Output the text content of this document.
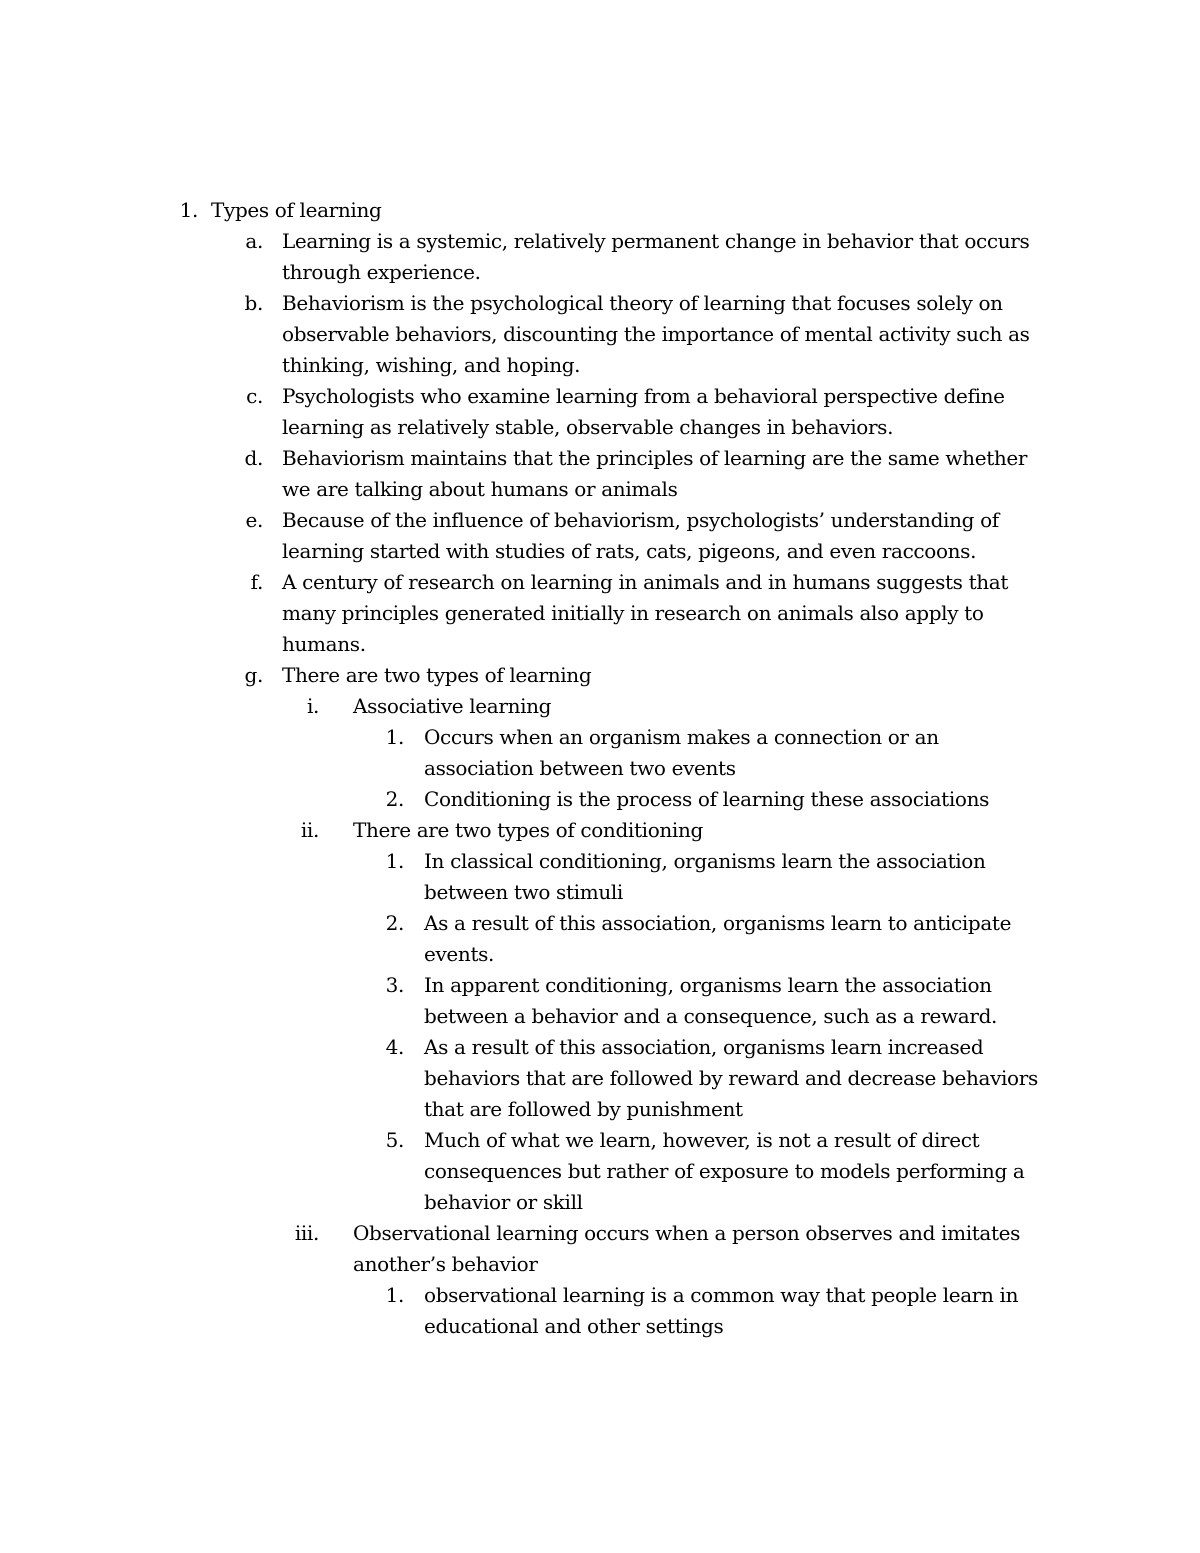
1. Types of learning
a. Learning is a systemic, relatively permanent change in behavior that occurs through experience.
b. Behaviorism is the psychological theory of learning that focuses solely on observable behaviors, discounting the importance of mental activity such as thinking, wishing, and hoping.
c. Psychologists who examine learning from a behavioral perspective define learning as relatively stable, observable changes in behaviors.
d. Behaviorism maintains that the principles of learning are the same whether we are talking about humans or animals
e. Because of the influence of behaviorism, psychologists’ understanding of learning started with studies of rats, cats, pigeons, and even raccoons.
f. A century of research on learning in animals and in humans suggests that many principles generated initially in research on animals also apply to humans.
g. There are two types of learning
i. Associative learning
1. Occurs when an organism makes a connection or an association between two events
2. Conditioning is the process of learning these associations
ii. There are two types of conditioning
1. In classical conditioning, organisms learn the association between two stimuli
2. As a result of this association, organisms learn to anticipate events.
3. In apparent conditioning, organisms learn the association between a behavior and a consequence, such as a reward.
4. As a result of this association, organisms learn increased behaviors that are followed by reward and decrease behaviors that are followed by punishment
5. Much of what we learn, however, is not a result of direct consequences but rather of exposure to models performing a behavior or skill
iii. Observational learning occurs when a person observes and imitates another’s behavior
1. observational learning is a common way that people learn in educational and other settings
